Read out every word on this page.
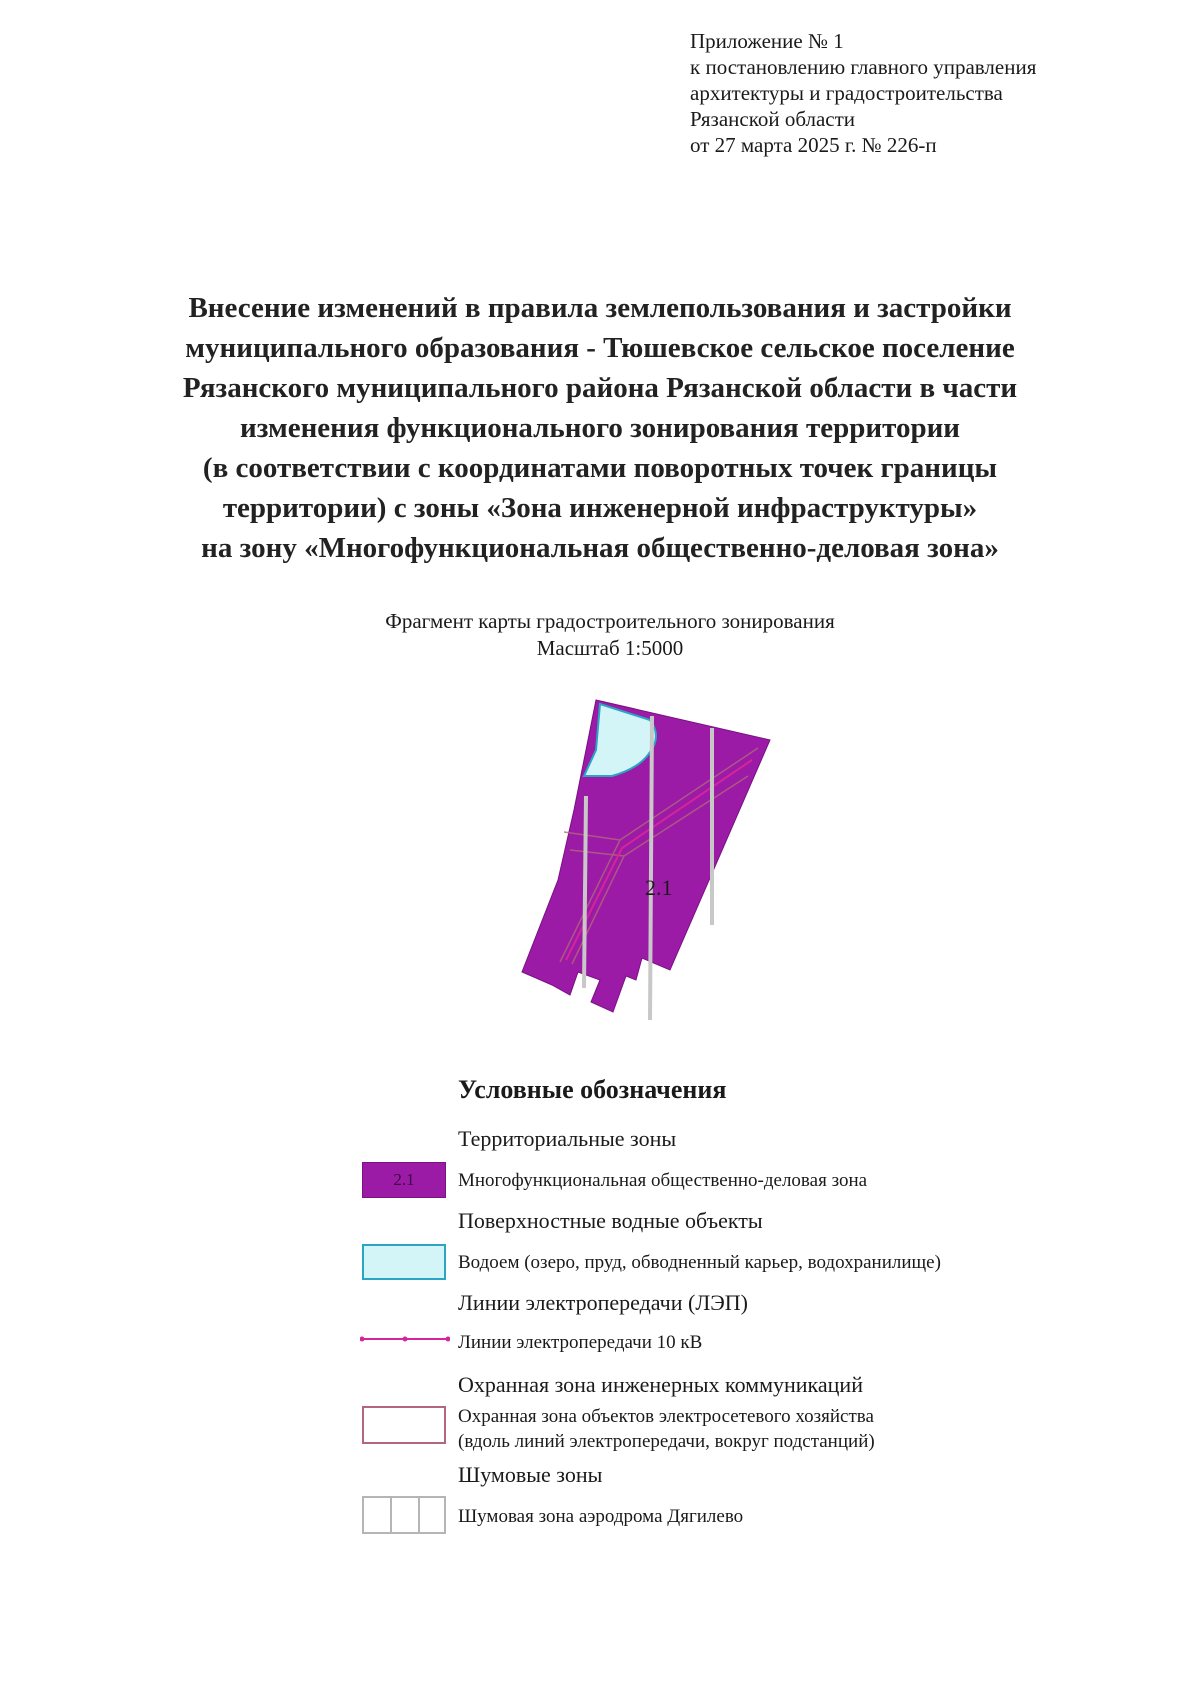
Приложение № 1
к постановлению главного управления
архитектуры и градостроительства
Рязанской области
от 27 марта 2025 г. № 226-п
Внесение изменений в правила землепользования и застройки
муниципального образования - Тюшевское сельское поселение
Рязанского муниципального района Рязанской области в части
изменения функционального зонирования территории
(в соответствии с координатами поворотных точек границы
территории) с зоны «Зона инженерной инфраструктуры»
на зону «Многофункциональная общественно-деловая зона»
Фрагмент карты градостроительного зонирования
Масштаб 1:5000
2.1
Условные обозначения
Территориальные зоны
2.1	Многофункциональная общественно-деловая зона
Поверхностные водные объекты
Водоем (озеро, пруд, обводненный карьер, водохранилище)
Линии электропередачи (ЛЭП)
Линии электропередачи 10 кВ
Охранная зона инженерных коммуникаций
Охранная зона объектов электросетевого хозяйства
(вдоль линий электропередачи, вокруг подстанций)
Шумовые зоны
Шумовая зона аэродрома Дягилево
